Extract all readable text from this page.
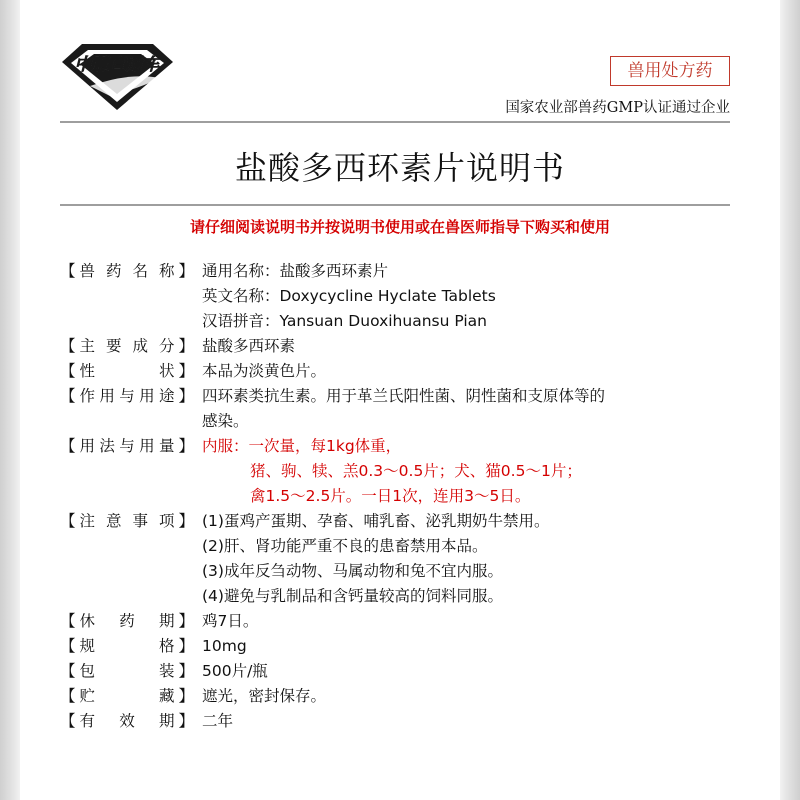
中慧直通车	兽用处方药
国家农业部兽药GMP认证通过企业
盐酸多西环素片说明书
请仔细阅读说明书并按说明书使用或在兽医师指导下购买和使用
【 兽 药 名 称 】 通用名称：盐酸多西环素片
英文名称：Doxycycline Hyclate Tablets
汉语拼音：Yansuan Duoxihuansu Pian
【 主 要 成 分 】 盐酸多西环素
【 性	状 】 本品为淡黄色片。
【 作 用 与 用 途 】 四环素类抗生素。用于革兰氏阳性菌、阴性菌和支原体等的
感染。
【 用 法 与 用 量 】 内服：一次量，每1kg体重，
猪、驹、犊、羔0.3～0.5片；犬、猫0.5～1片；
禽1.5～2.5片。一日1次，连用3～5日。
【 注 意 事 项 】 (1)蛋鸡产蛋期、孕畜、哺乳畜、泌乳期奶牛禁用。
(2)肝、肾功能严重不良的患畜禁用本品。
(3)成年反刍动物、马属动物和兔不宜内服。
(4)避免与乳制品和含钙量较高的饲料同服。
【 休 药 期 】 鸡7日。
【 规	格 】 10mg
【 包	装 】 500片/瓶
【 贮	藏 】 遮光，密封保存。
【 有 效 期 】 二年
